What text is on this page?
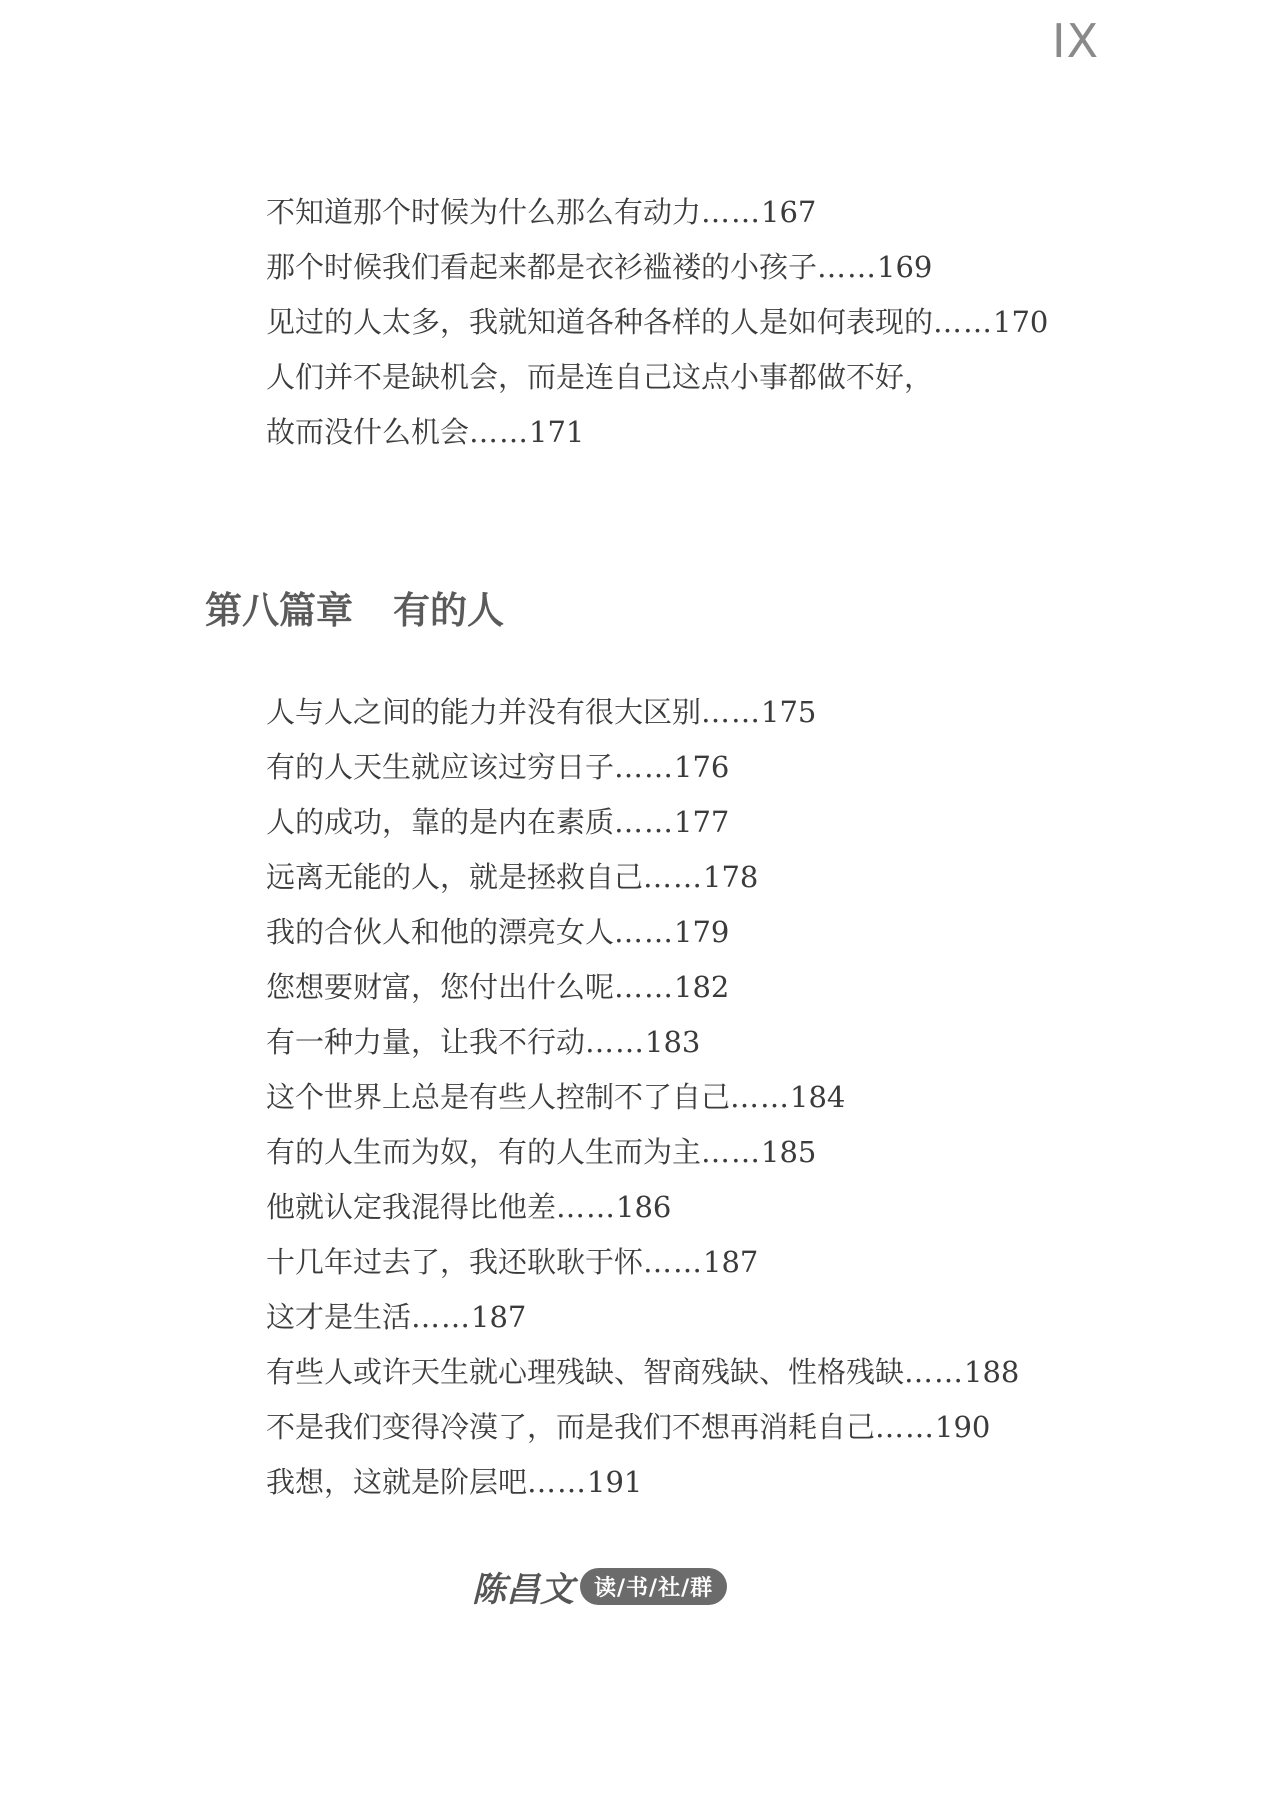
IX
不知道那个时候为什么那么有动力……167
那个时候我们看起来都是衣衫褴褛的小孩子……169
见过的人太多，我就知道各种各样的人是如何表现的……170
人们并不是缺机会，而是连自己这点小事都做不好，
故而没什么机会……171
第八篇章 有的人
人与人之间的能力并没有很大区别……175
有的人天生就应该过穷日子……176
人的成功，靠的是内在素质……177
远离无能的人，就是拯救自己……178
我的合伙人和他的漂亮女人……179
您想要财富，您付出什么呢……182
有一种力量，让我不行动……183
这个世界上总是有些人控制不了自己……184
有的人生而为奴，有的人生而为主……185
他就认定我混得比他差……186
十几年过去了，我还耿耿于怀……187
这才是生活……187
有些人或许天生就心理残缺、智商残缺、性格残缺……188
不是我们变得冷漠了，而是我们不想再消耗自己……190
我想，这就是阶层吧……191
陈昌文 读/书/社/群
